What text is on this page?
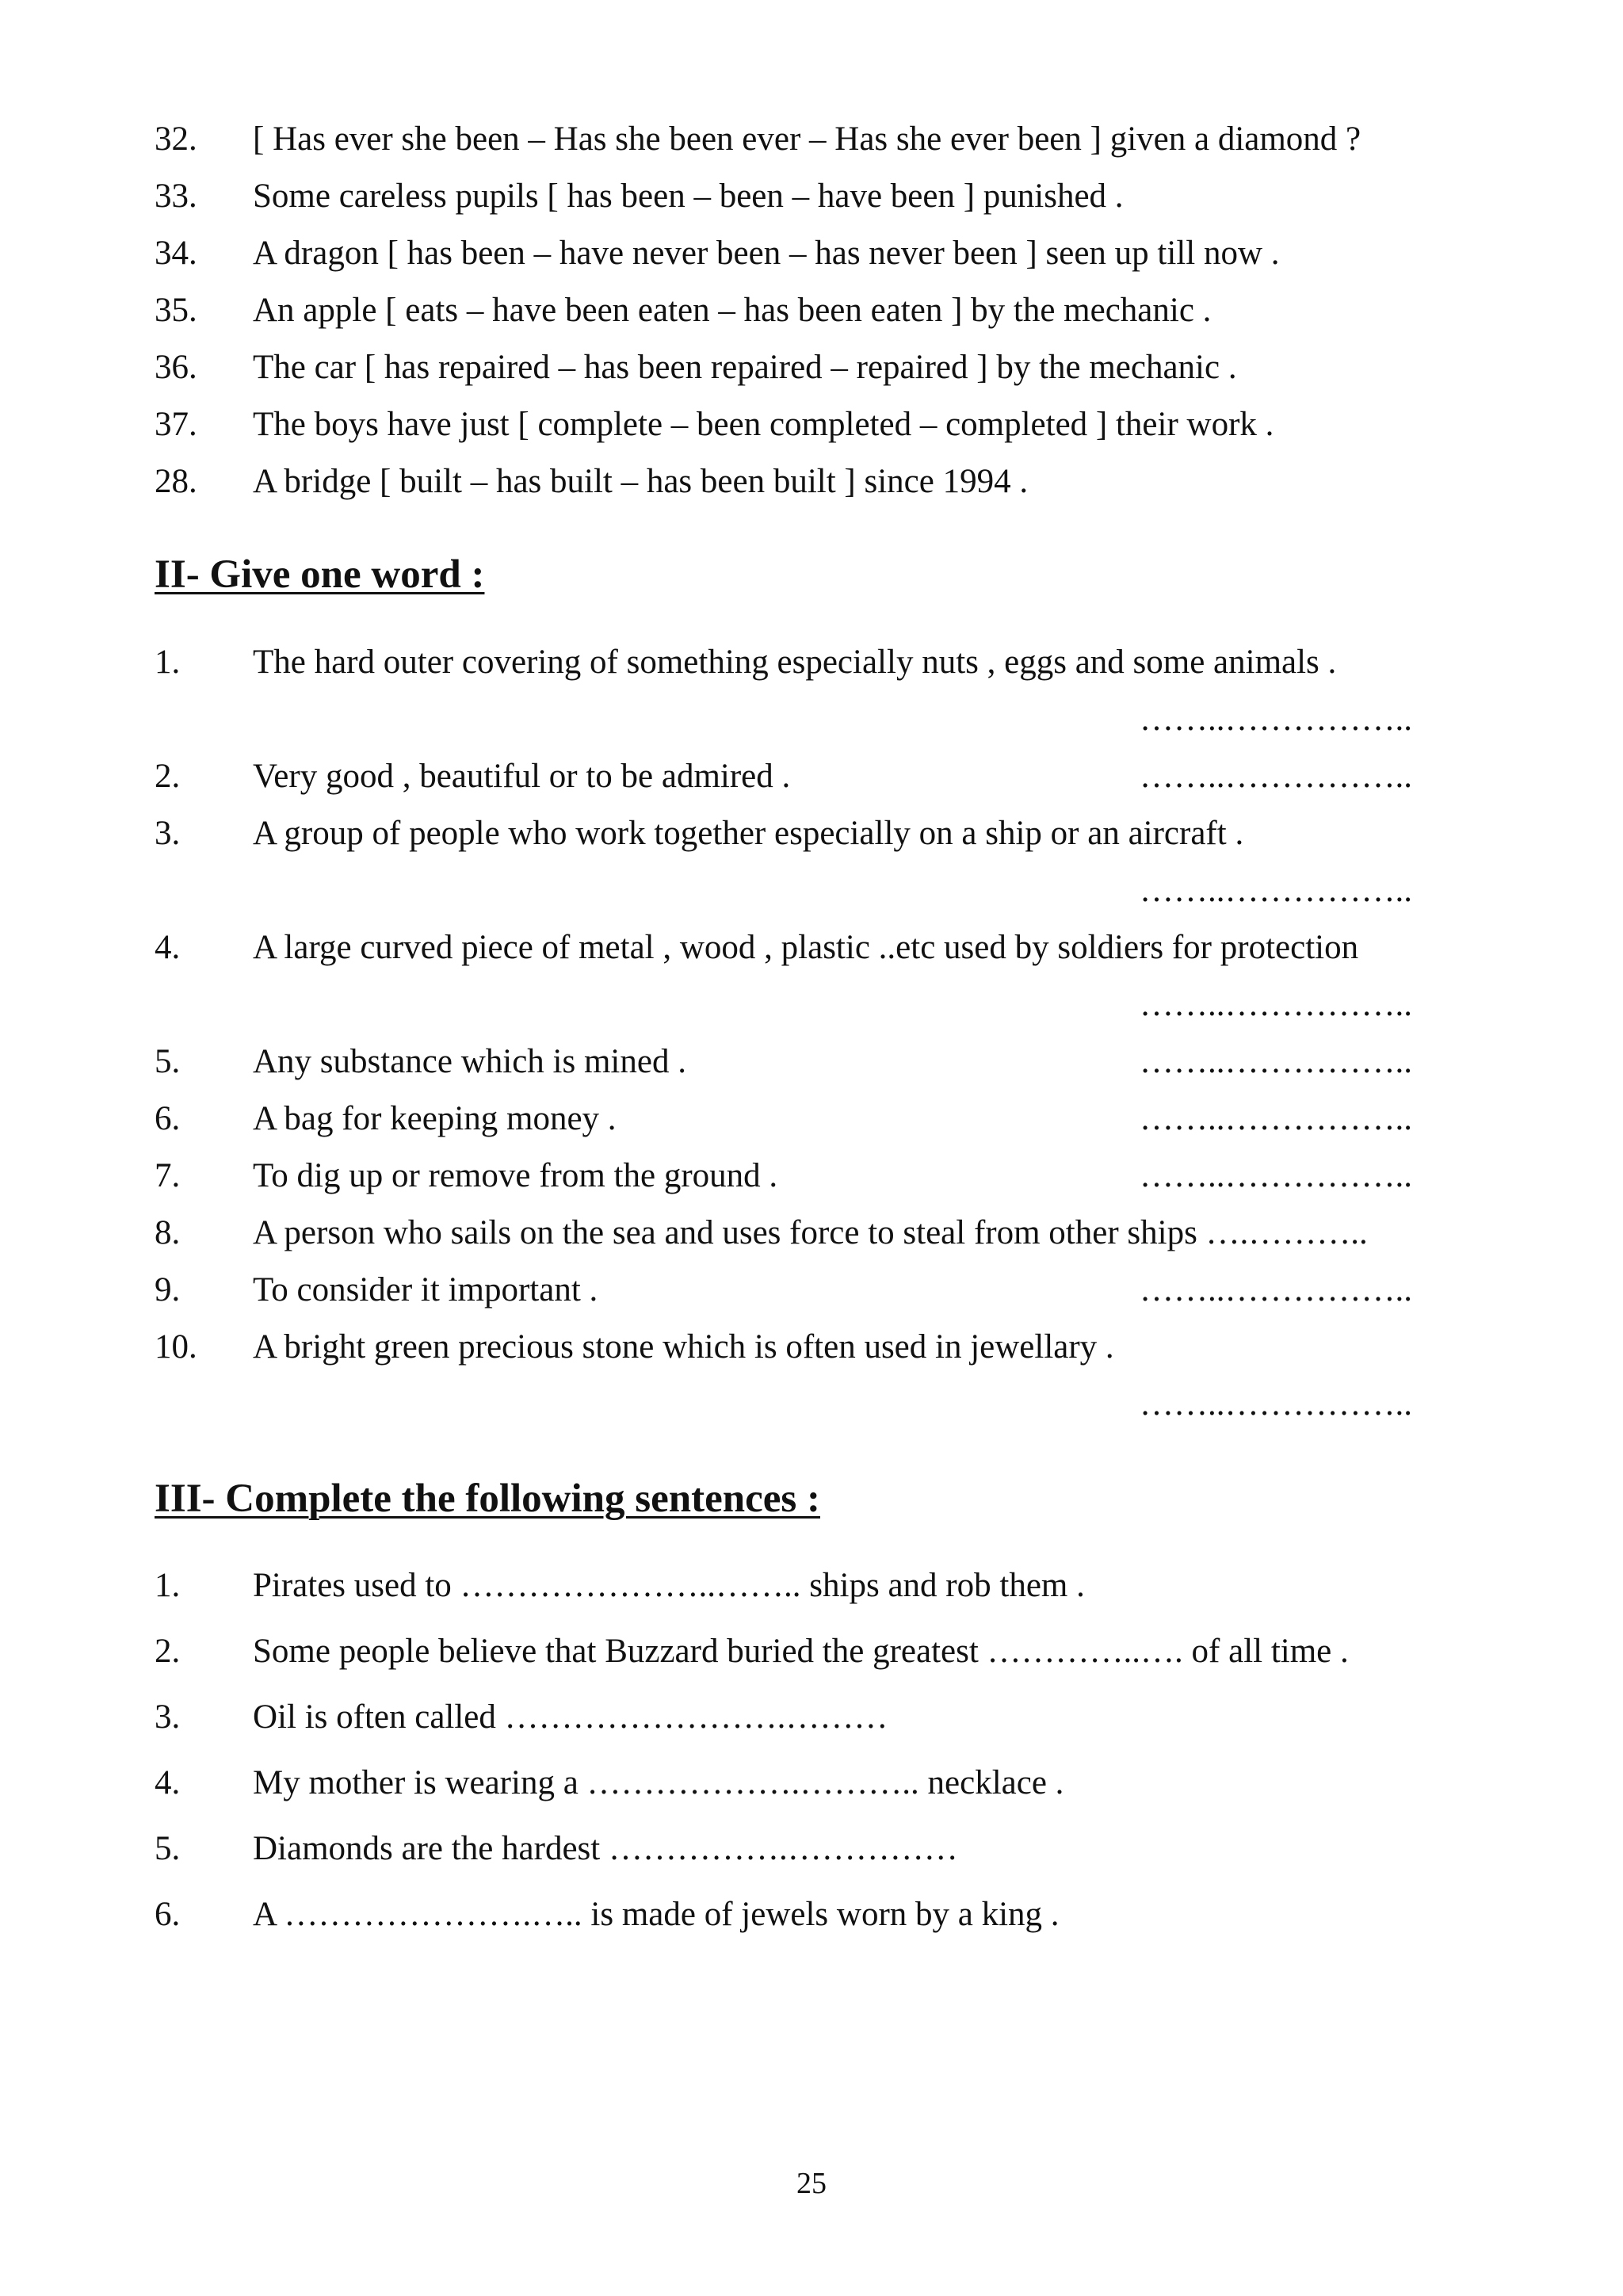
32. [ Has ever she been – Has she been ever – Has she ever been ] given a diamond ?
33. Some careless pupils [ has been – been – have been ] punished .
34. A dragon [ has been – have never been – has never been ] seen up till now .
35. An apple [ eats – have been eaten – has been eaten ] by the mechanic .
36. The car [ has repaired – has been repaired – repaired ] by the mechanic .
37. The boys have just [ complete – been completed – completed ] their work .
28. A bridge [ built – has built – has been built ] since 1994 .
II- Give one word :
1. The hard outer covering of something especially nuts , eggs and some animals .
……..……………..
2. Very good , beautiful or to be admired .	……..……………..
3. A group of people who work together especially on a ship or an aircraft .
……..……………..
4. A large curved piece of metal , wood , plastic ..etc used by soldiers for protection
……..……………..
5. Any substance which is mined .	……..……………..
6. A bag for keeping money .	……..……………..
7. To dig up or remove from the ground .	……..……………..
8. A person who sails on the sea and uses force to steal from other ships ….………..
9. To consider it important .	……..……………..
10. A bright green precious stone which is often used in jewellary .
……..……………..
III- Complete the following sentences :
1. Pirates used to …………………..…….. ships and rob them .
2. Some people believe that Buzzard buried the greatest …………..…. of all time .
3. Oil is often called …………………….………
4. My mother is wearing a ……………….……….. necklace .
5. Diamonds are the hardest …………….……………
6. A ………………….….. is made of jewels worn by a king .
25
